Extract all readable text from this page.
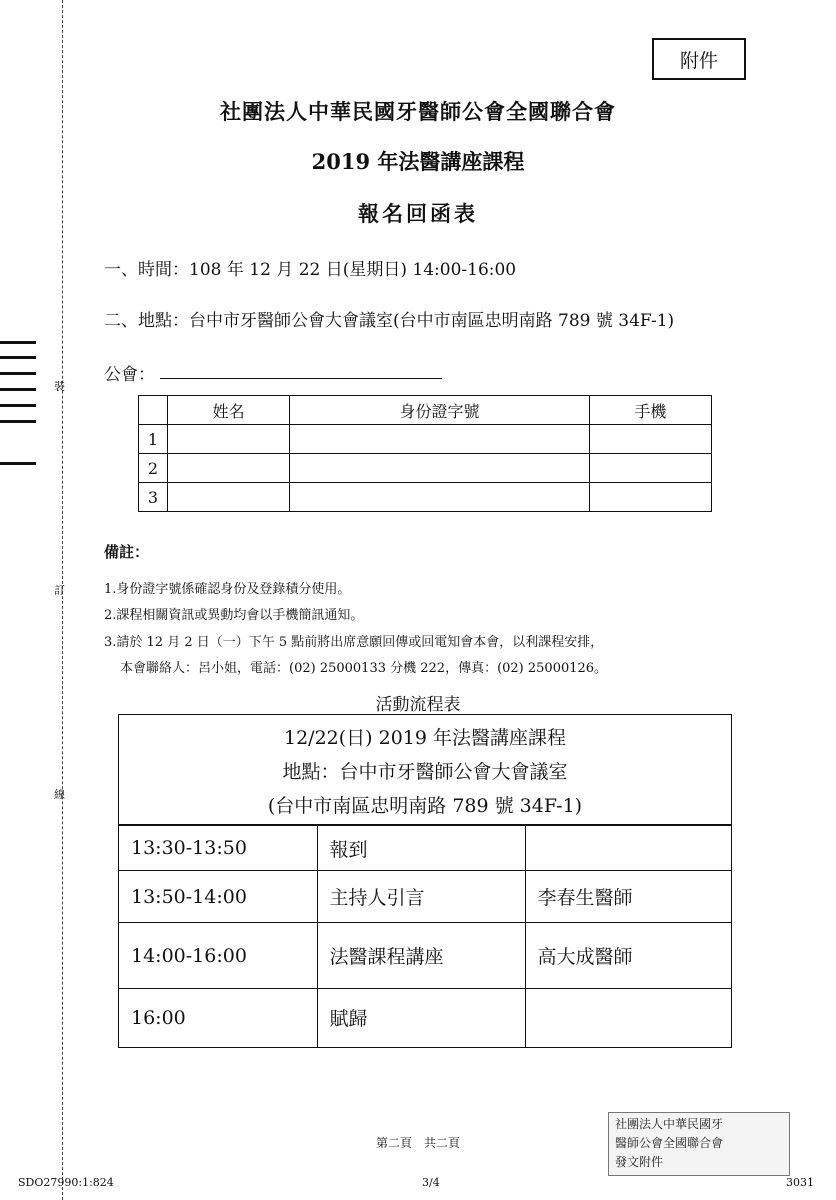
附件
裝
訂
線
社團法人中華民國牙醫師公會全國聯合會
2019 年法醫講座課程
報名回函表
一、時間：108 年 12 月 22 日(星期日) 14:00-16:00
二、地點：台中市牙醫師公會大會議室(台中市南區忠明南路 789 號 34F-1)
公會：
	姓名	身份證字號	手機
1			
2			
3			
備註：
1.身份證字號係確認身份及登錄積分使用。
2.課程相關資訊或異動均會以手機簡訊通知。
3.請於 12 月 2 日（一）下午 5 點前將出席意願回傳或回電知會本會，以利課程安排，
本會聯絡人：呂小姐，電話：(02) 25000133 分機 222，傳真：(02) 25000126。
活動流程表
12/22(日) 2019 年法醫講座課程
地點：台中市牙醫師公會大會議室
(台中市南區忠明南路 789 號 34F-1)
13:30-13:50	報到	
13:50-14:00	主持人引言	李春生醫師
14:00-16:00	法醫課程講座	高大成醫師
16:00	賦歸	
第二頁　共二頁
社團法人中華民國牙
醫師公會全國聯合會
發文附件
SDO27990:1:824	3/4	3031
